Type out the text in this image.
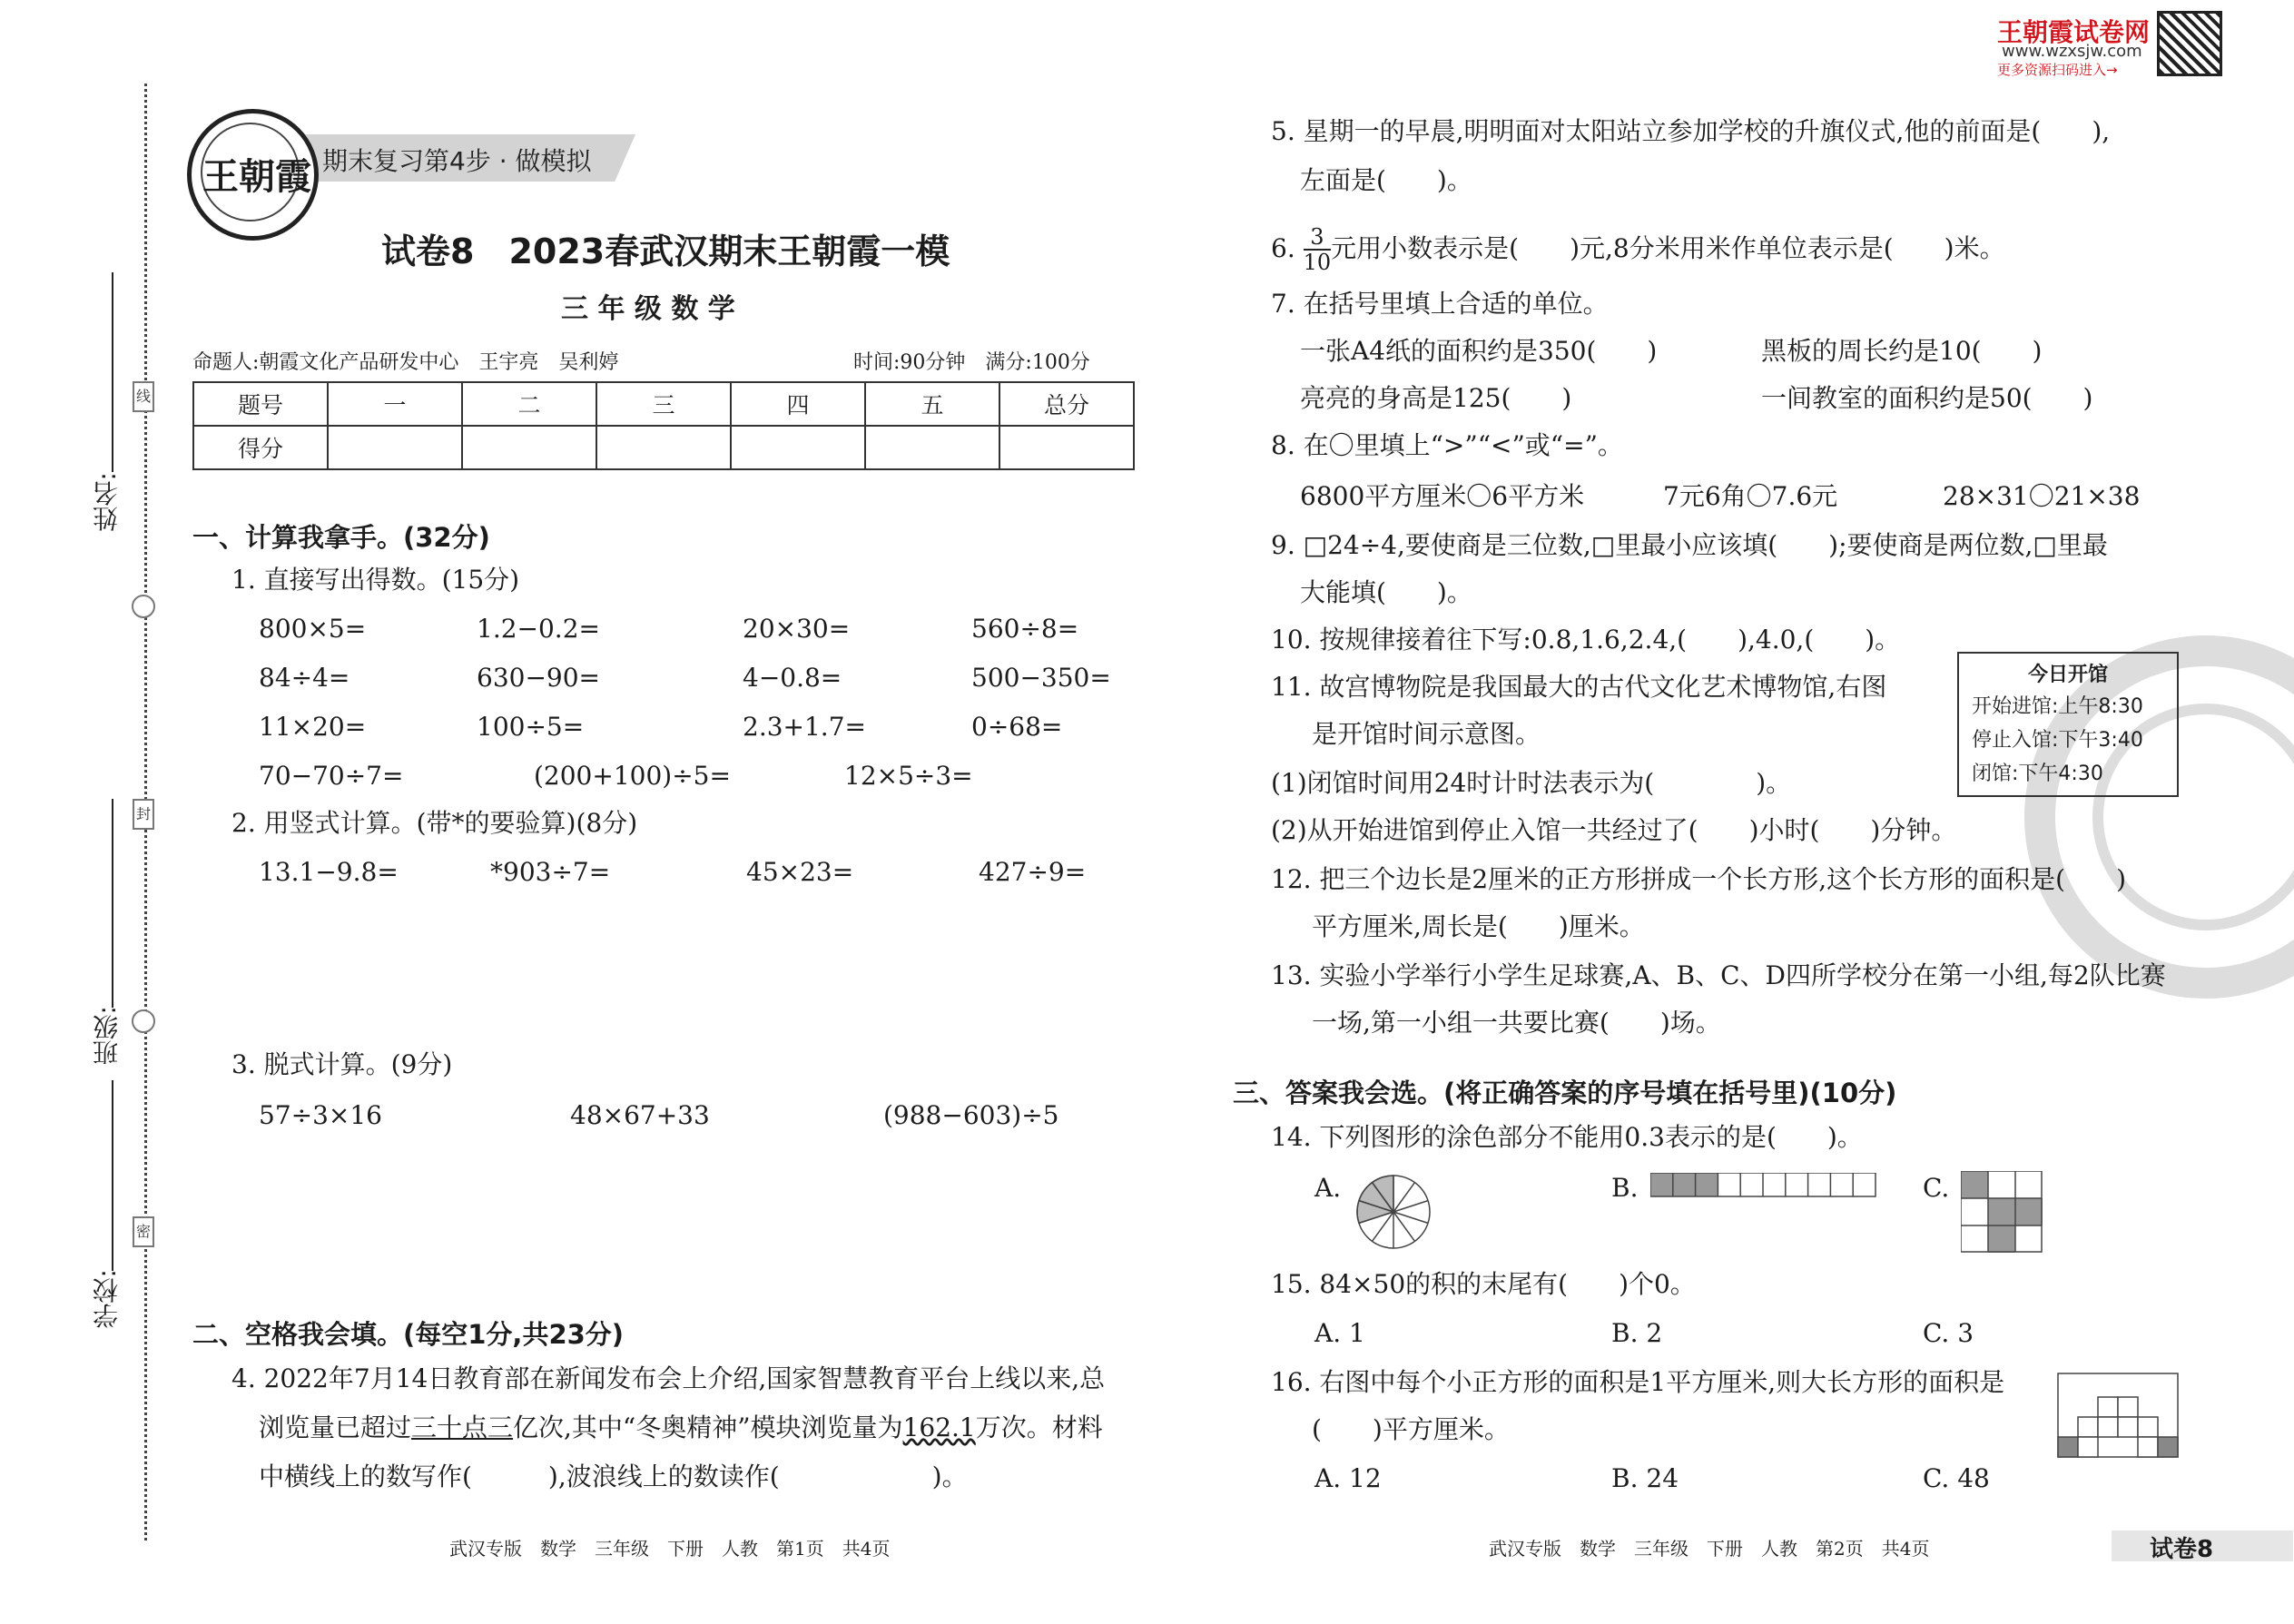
姓名:
班级:
学校:
线
封
密
期末复习第4步 · 做模拟
王朝霞
试卷8　2023春武汉期末王朝霞一模
三 年 级 数 学
命题人:朝霞文化产品研发中心　王宇亮　吴利婷	时间:90分钟　满分:100分
题号	一	二	三	四	五	总分
得分						
一、计算我拿手。(32分)
1. 直接写出得数。(15分)
800×5=	1.2−0.2=	20×30=	560÷8=
84÷4=	630−90=	4−0.8=	500−350=
11×20=	100÷5=	2.3+1.7=	0÷68=
70−70÷7=	(200+100)÷5=	12×5÷3=
2. 用竖式计算。(带*的要验算)(8分)
13.1−9.8=	*903÷7=	45×23=	427÷9=
3. 脱式计算。(9分)
57÷3×16	48×67+33	(988−603)÷5
二、空格我会填。(每空1分,共23分)
4. 2022年7月14日教育部在新闻发布会上介绍,国家智慧教育平台上线以来,总
浏览量已超过三十点三亿次,其中“冬奥精神”模块浏览量为162.1万次。材料
中横线上的数写作(　　　),波浪线上的数读作(　　　　　　)。
武汉专版　数学　三年级　下册　人教　第1页　共4页
王朝霞试卷网
www.wzxsjw.com
更多资源扫码进入→
5. 星期一的早晨,明明面对太阳站立参加学校的升旗仪式,他的前面是(　　),
左面是(　　)。
6. $\frac{3}{10}$ 元用小数表示是(　　)元,8分米用米作单位表示是(　　)米。
7. 在括号里填上合适的单位。
一张A4纸的面积约是350(　　)	黑板的周长约是10(　　)
亮亮的身高是125(　　)	一间教室的面积约是50(　　)
8. 在〇里填上“>”“<”或“=”。
6800平方厘米〇6平方米	7元6角〇7.6元	28×31〇21×38
9. □24÷4,要使商是三位数,□里最小应该填(　　);要使商是两位数,□里最
大能填(　　)。
10. 按规律接着往下写:0.8,1.6,2.4,(　　),4.0,(　　)。
11. 故宫博物院是我国最大的古代文化艺术博物馆,右图
是开馆时间示意图。
(1)闭馆时间用24时计时法表示为(　　　　)。
(2)从开始进馆到停止入馆一共经过了(　　)小时(　　)分钟。
今日开馆
开始进馆:上午8:30
停止入馆:下午3:40
闭馆:下午4:30
12. 把三个边长是2厘米的正方形拼成一个长方形,这个长方形的面积是(　　)
平方厘米,周长是(　　)厘米。
13. 实验小学举行小学生足球赛,A、B、C、D四所学校分在第一小组,每2队比赛
一场,第一小组一共要比赛(　　)场。
三、答案我会选。(将正确答案的序号填在括号里)(10分)
14. 下列图形的涂色部分不能用0.3表示的是(　　)。
A.	B.	C.
15. 84×50的积的末尾有(　　)个0。
A. 1	B. 2	C. 3
16. 右图中每个小正方形的面积是1平方厘米,则大长方形的面积是
(　　)平方厘米。
A. 12	B. 24	C. 48
武汉专版　数学　三年级　下册　人教　第2页　共4页	试卷8
